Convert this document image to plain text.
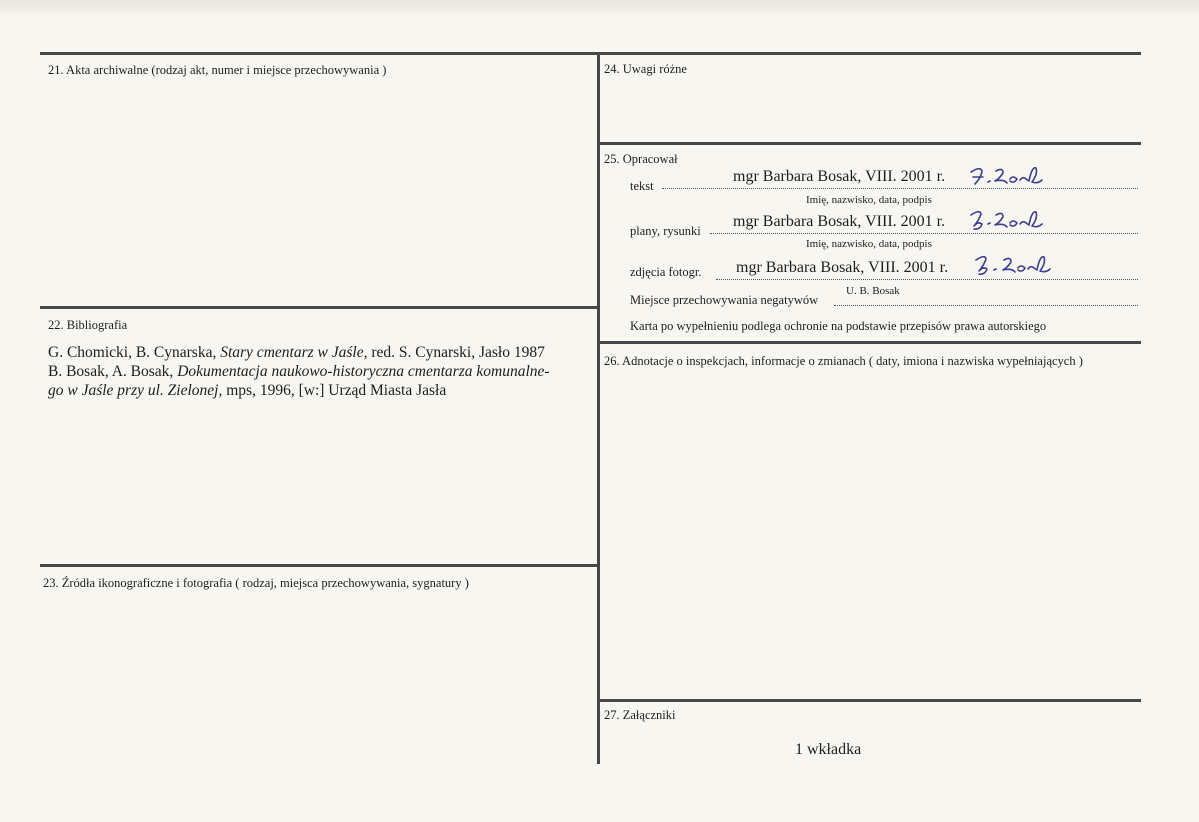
21. Akta archiwalne (rodzaj akt, numer i miejsce przechowywania )
22. Bibliografia
G. Chomicki, B. Cynarska, Stary cmentarz w Jaśle, red. S. Cynarski, Jasło 1987
B. Bosak, A. Bosak, Dokumentacja naukowo-historyczna cmentarza komunalne-
go w Jaśle przy ul. Zielonej, mps, 1996, [w:] Urząd Miasta Jasła
23. Źródła ikonograficzne i fotografia ( rodzaj, miejsca przechowywania, sygnatury )
24. Uwagi różne
25. Opracował
tekst
mgr Barbara Bosak, VIII. 2001 r.
Imię, nazwisko, data, podpis
plany, rysunki
mgr Barbara Bosak, VIII. 2001 r.
Imię, nazwisko, data, podpis
zdjęcia fotogr. mgr Barbara Bosak, VIII. 2001 r.
Miejsce przechowywania negatywów
U. B. Bosak
Karta po wypełnieniu podlega ochronie na podstawie przepisów prawa autorskiego
26. Adnotacje o inspekcjach, informacje o zmianach ( daty, imiona i nazwiska wypełniających )
27. Załączniki
1 wkładka
